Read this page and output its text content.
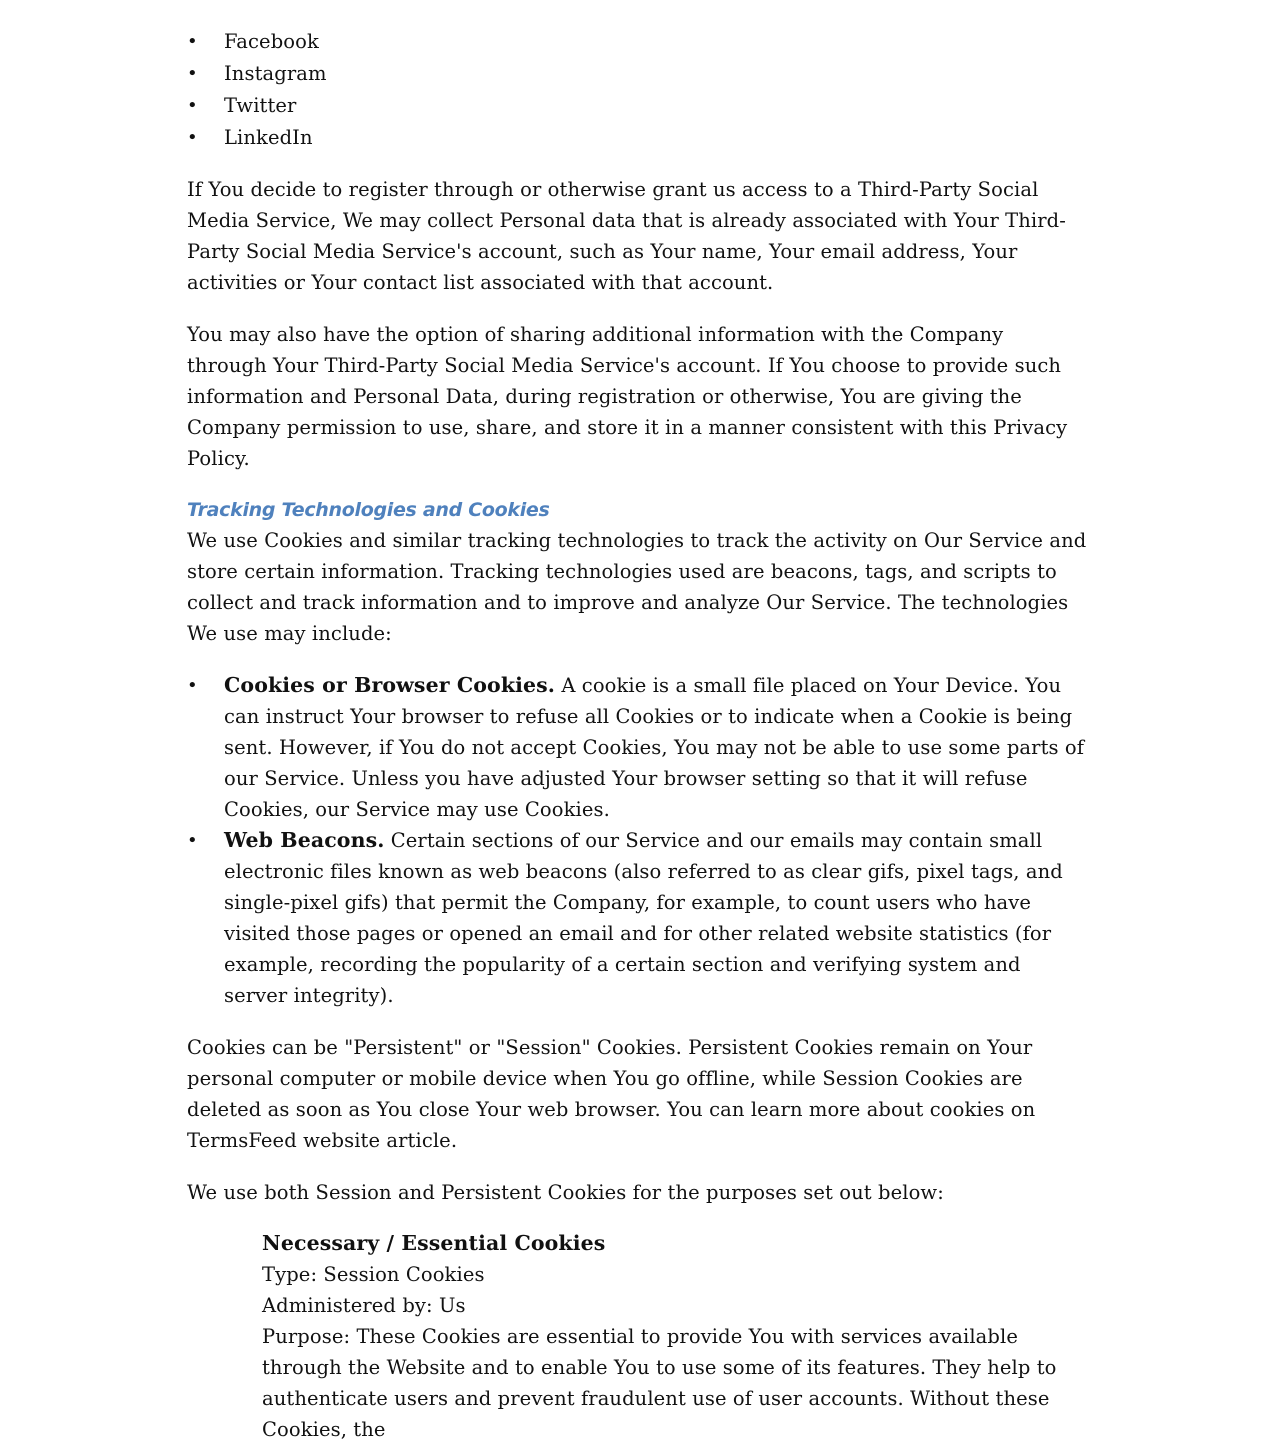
• Facebook
• Instagram
• Twitter
• LinkedIn

If You decide to register through or otherwise grant us access to a Third-Party Social Media Service, We may collect Personal data that is already associated with Your Third-Party Social Media Service's account, such as Your name, Your email address, Your activities or Your contact list associated with that account.

You may also have the option of sharing additional information with the Company through Your Third-Party Social Media Service's account. If You choose to provide such information and Personal Data, during registration or otherwise, You are giving the Company permission to use, share, and store it in a manner consistent with this Privacy Policy.

Tracking Technologies and Cookies

We use Cookies and similar tracking technologies to track the activity on Our Service and store certain information. Tracking technologies used are beacons, tags, and scripts to collect and track information and to improve and analyze Our Service. The technologies We use may include:

• Cookies or Browser Cookies. A cookie is a small file placed on Your Device. You can instruct Your browser to refuse all Cookies or to indicate when a Cookie is being sent. However, if You do not accept Cookies, You may not be able to use some parts of our Service. Unless you have adjusted Your browser setting so that it will refuse Cookies, our Service may use Cookies.
• Web Beacons. Certain sections of our Service and our emails may contain small electronic files known as web beacons (also referred to as clear gifs, pixel tags, and single-pixel gifs) that permit the Company, for example, to count users who have visited those pages or opened an email and for other related website statistics (for example, recording the popularity of a certain section and verifying system and server integrity).

Cookies can be "Persistent" or "Session" Cookies. Persistent Cookies remain on Your personal computer or mobile device when You go offline, while Session Cookies are deleted as soon as You close Your web browser. You can learn more about cookies on TermsFeed website article.

We use both Session and Persistent Cookies for the purposes set out below:

Necessary / Essential Cookies
Type: Session Cookies
Administered by: Us
Purpose: These Cookies are essential to provide You with services available through the Website and to enable You to use some of its features. They help to authenticate users and prevent fraudulent use of user accounts. Without these Cookies, the
